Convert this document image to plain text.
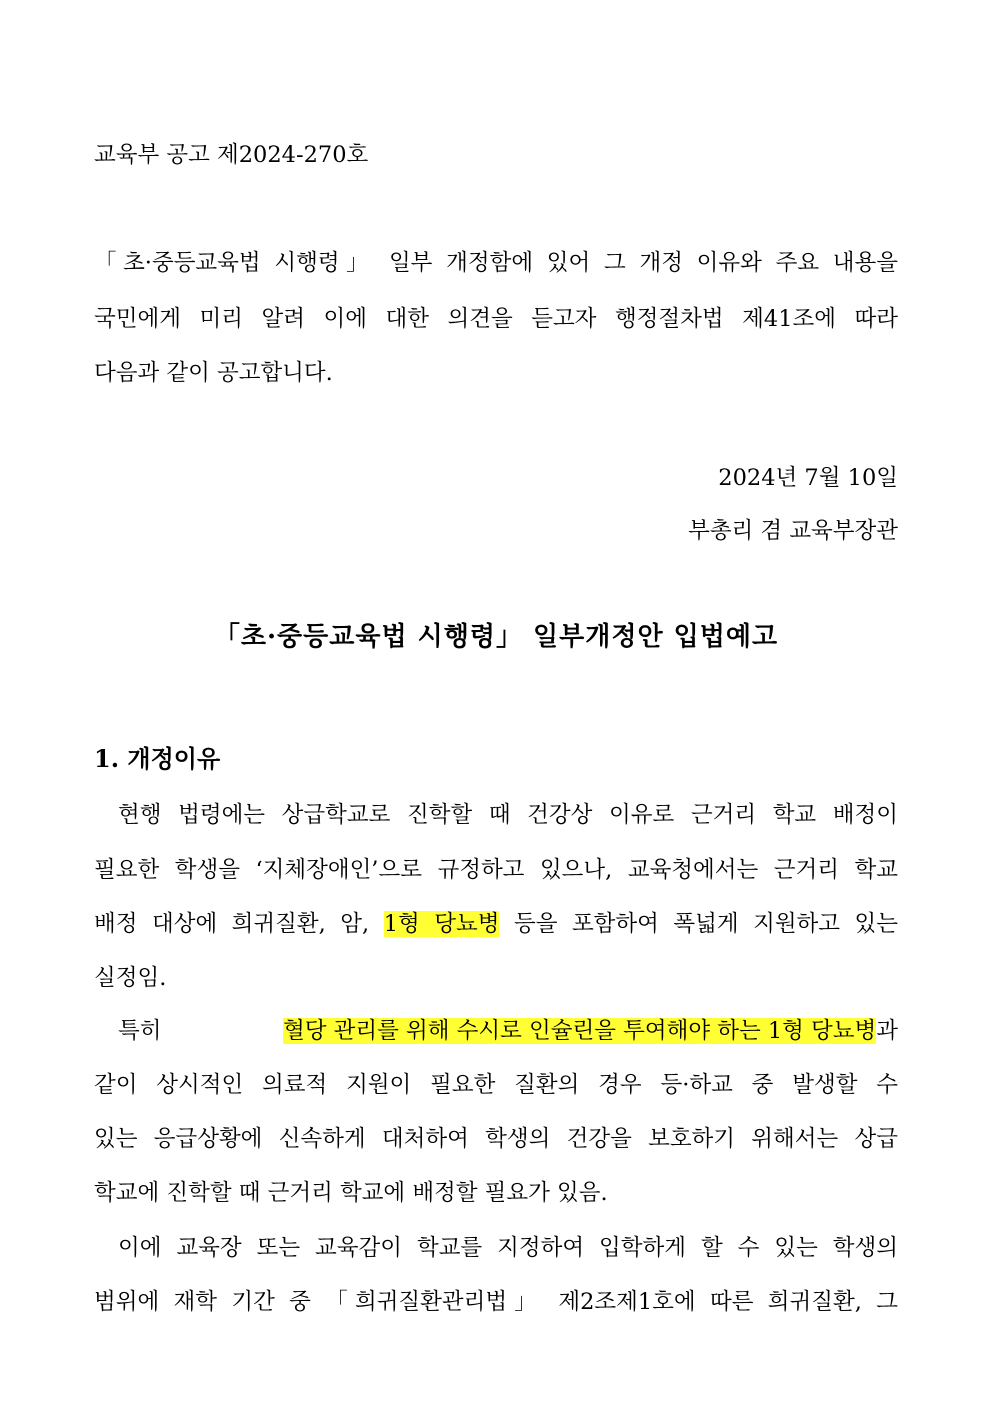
교육부 공고 제2024-270호
「초·중등교육법 시행령」 일부 개정함에 있어 그 개정 이유와 주요 내용을
국민에게 미리 알려 이에 대한 의견을 듣고자 행정절차법 제41조에 따라
다음과 같이 공고합니다.
2024년 7월 10일
부총리 겸 교육부장관
「초·중등교육법 시행령」 일부개정안 입법예고
1. 개정이유
현행 법령에는 상급학교로 진학할 때 건강상 이유로 근거리 학교 배정이
필요한 학생을 ‘지체장애인’으로 규정하고 있으나, 교육청에서는 근거리 학교
배정 대상에 희귀질환, 암, 1형 당뇨병 등을 포함하여 폭넓게 지원하고 있는
실정임.
특히	혈당 관리를 위해 수시로 인슐린을 투여해야 하는 1형 당뇨병과
같이 상시적인 의료적 지원이 필요한 질환의 경우 등·하교 중 발생할 수
있는 응급상황에 신속하게 대처하여 학생의 건강을 보호하기 위해서는 상급
학교에 진학할 때 근거리 학교에 배정할 필요가 있음.
이에 교육장 또는 교육감이 학교를 지정하여 입학하게 할 수 있는 학생의
범위에 재학 기간 중 「희귀질환관리법」 제2조제1호에 따른 희귀질환, 그
